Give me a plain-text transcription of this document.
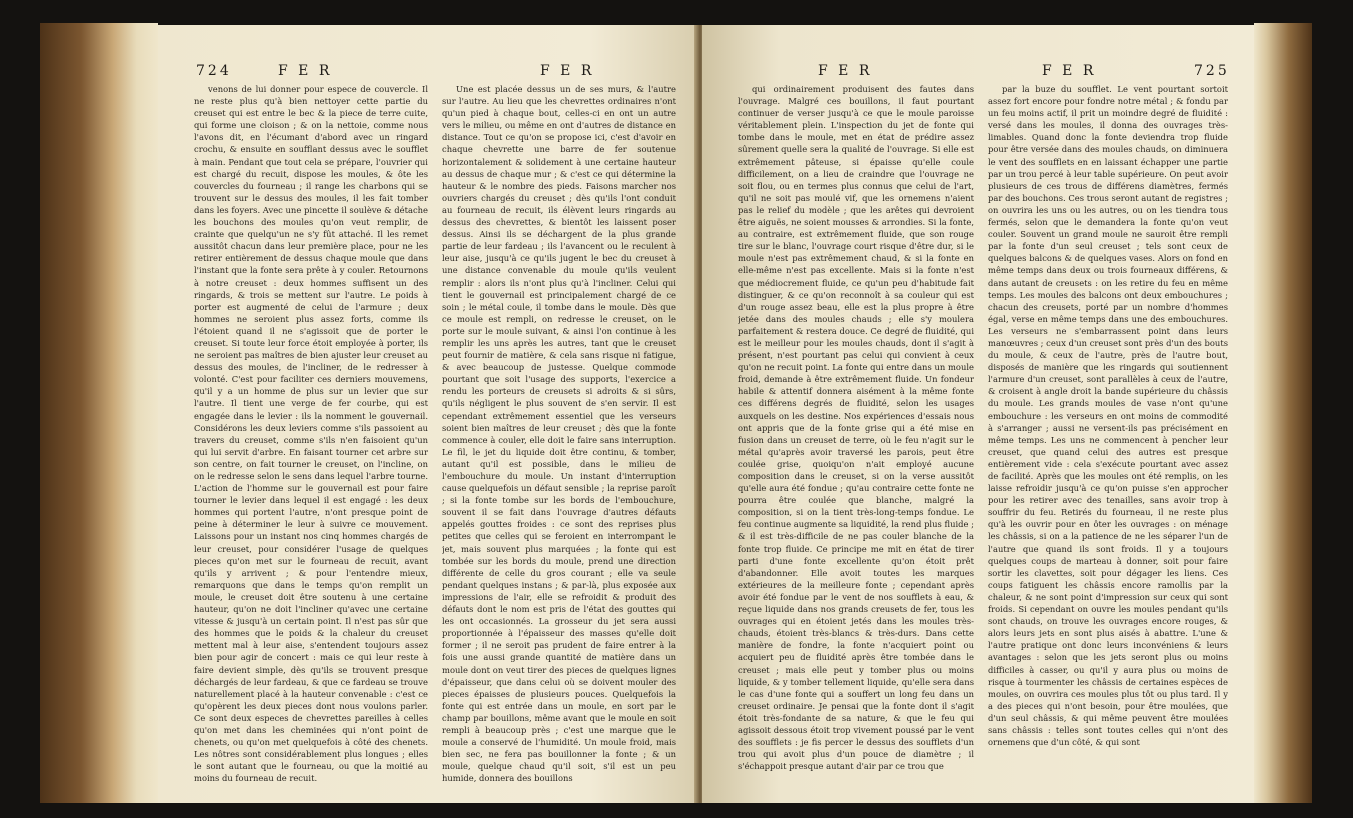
724	F E R	F E R

venons de lui donner pour espece de couvercle. Il ne reste plus qu'à bien nettoyer cette partie du creuset qui est entre le bec & la piece de terre cuite, qui forme une cloison ; & on la nettoie, comme nous l'avons dit, en l'écumant d'abord avec un ringard crochu, & ensuite en soufflant dessus avec le soufflet à main. Pendant que tout cela se prépare, l'ouvrier qui est chargé du recuit, dispose les moules, & ôte les couvercles du fourneau ; il range les charbons qui se trouvent sur le dessus des moules, il les fait tomber dans les foyers. Avec une pincette il soulève & détache les bouchons des moules qu'on veut remplir, de crainte que quelqu'un ne s'y fût attaché. Il les remet aussitôt chacun dans leur première place, pour ne les retirer entièrement de dessus chaque moule que dans l'instant que la fonte sera prête à y couler. Retournons à notre creuset : deux hommes suffisent un des ringards, & trois se mettent sur l'autre. Le poids à porter est augmenté de celui de l'armure ; deux hommes ne seroient plus assez forts, comme ils l'étoient quand il ne s'agissoit que de porter le creuset. Si toute leur force étoit employée à porter, ils ne seroient pas maîtres de bien ajuster leur creuset au dessus des moules, de l'incliner, de le redresser à volonté. C'est pour faciliter ces derniers mouvemens, qu'il y a un homme de plus sur un levier que sur l'autre. Il tient une verge de fer courbe, qui est engagée dans le levier : ils la nomment le gouvernail. Considérons les deux leviers comme s'ils passoient au travers du creuset, comme s'ils n'en faisoient qu'un qui lui servit d'arbre. En faisant tourner cet arbre sur son centre, on fait tourner le creuset, on l'incline, on on le redresse selon le sens dans lequel l'arbre tourne. L'action de l'homme sur le gouvernail est pour faire tourner le levier dans lequel il est engagé : les deux hommes qui portent l'autre, n'ont presque point de peine à déterminer le leur à suivre ce mouvement. Laissons pour un instant nos cinq hommes chargés de leur creuset, pour considérer l'usage de quelques pieces qu'on met sur le fourneau de recuit, avant qu'ils y arrivent ; & pour l'entendre mieux, remarquons que dans le temps qu'on remplit un moule, le creuset doit être soutenu à une certaine hauteur, qu'on ne doit l'incliner qu'avec une certaine vitesse & jusqu'à un certain point. Il n'est pas sûr que des hommes que le poids & la chaleur du creuset mettent mal à leur aise, s'entendent toujours assez bien pour agir de concert : mais ce qui leur reste à faire devient simple, dès qu'ils se trouvent presque déchargés de leur fardeau, & que ce fardeau se trouve naturellement placé à la hauteur convenable : c'est ce qu'opèrent les deux pieces dont nous voulons parler. Ce sont deux especes de chevrettes pareilles à celles qu'on met dans les cheminées qui n'ont point de chenets, ou qu'on met quelquefois à côté des chenets. Les nôtres sont considérablement plus longues ; elles le sont autant que le fourneau, ou que la moitié au moins du fourneau de recuit.

Une est placée dessus un de ses murs, & l'autre sur l'autre. Au lieu que les chevrettes ordinaires n'ont qu'un pied à chaque bout, celles-ci en ont un autre vers le milieu, ou même en ont d'autres de distance en distance. Tout ce qu'on se propose ici, c'est d'avoir en chaque chevrette une barre de fer soutenue horizontalement & solidement à une certaine hauteur au dessus de chaque mur ; & c'est ce qui détermine la hauteur & le nombre des pieds. Faisons marcher nos ouvriers chargés du creuset ; dès qu'ils l'ont conduit au fourneau de recuit, ils élèvent leurs ringards au dessus des chevrettes, & bientôt les laissent poser dessus. Ainsi ils se déchargent de la plus grande partie de leur fardeau ; ils l'avancent ou le reculent à leur aise, jusqu'à ce qu'ils jugent le bec du creuset à une distance convenable du moule qu'ils veulent remplir : alors ils n'ont plus qu'à l'incliner. Celui qui tient le gouvernail est principalement chargé de ce soin ; le métal coule, il tombe dans le moule. Dès que ce moule est rempli, on redresse le creuset, on le porte sur le moule suivant, & ainsi l'on continue à les remplir les uns après les autres, tant que le creuset peut fournir de matière, & cela sans risque ni fatigue, & avec beaucoup de justesse. Quelque commode pourtant que soit l'usage des supports, l'exercice a rendu les porteurs de creusets si adroits & si sûrs, qu'ils négligent le plus souvent de s'en servir. Il est cependant extrêmement essentiel que les verseurs soient bien maîtres de leur creuset ; dès que la fonte commence à couler, elle doit le faire sans interruption. Le fil, le jet du liquide doit être continu, & tomber, autant qu'il est possible, dans le milieu de l'embouchure du moule. Un instant d'interruption cause quelquefois un défaut sensible ; la reprise paroît ; si la fonte tombe sur les bords de l'embouchure, souvent il se fait dans l'ouvrage d'autres défauts appelés gouttes froides : ce sont des reprises plus petites que celles qui se feroient en interrompant le jet, mais souvent plus marquées ; la fonte qui est tombée sur les bords du moule, prend une direction différente de celle du gros courant ; elle va seule pendant quelques instans ; & par-là, plus exposée aux impressions de l'air, elle se refroidit & produit des défauts dont le nom est pris de l'état des gouttes qui les ont occasionnés. La grosseur du jet sera aussi proportionnée à l'épaisseur des masses qu'elle doit former ; il ne seroit pas prudent de faire entrer à la fois une aussi grande quantité de matière dans un moule dont on veut tirer des pieces de quelques lignes d'épaisseur, que dans celui où se doivent mouler des pieces épaisses de plusieurs pouces. Quelquefois la fonte qui est entrée dans un moule, en sort par le champ par bouillons, même avant que le moule en soit rempli à beaucoup près ; c'est une marque que le moule a conservé de l'humidité. Un moule froid, mais bien sec, ne fera pas bouillonner la fonte ; & un moule, quelque chaud qu'il soit, s'il est un peu humide, donnera des bouillons

F E R	F E R	725

qui ordinairement produisent des fautes dans l'ouvrage. Malgré ces bouillons, il faut pourtant continuer de verser jusqu'à ce que le moule paroisse véritablement plein. L'inspection du jet de fonte qui tombe dans le moule, met en état de prédire assez sûrement quelle sera la qualité de l'ouvrage. Si elle est extrêmement pâteuse, si épaisse qu'elle coule difficilement, on a lieu de craindre que l'ouvrage ne soit flou, ou en termes plus connus que celui de l'art, qu'il ne soit pas moulé vif, que les ornemens n'aient pas le relief du modèle ; que les arêtes qui devroient être aiguës, ne soient mousses & arrondies. Si la fonte, au contraire, est extrêmement fluide, que son rouge tire sur le blanc, l'ouvrage court risque d'être dur, si le moule n'est pas extrêmement chaud, & si la fonte en elle-même n'est pas excellente. Mais si la fonte n'est que médiocrement fluide, ce qu'un peu d'habitude fait distinguer, & ce qu'on reconnoît à sa couleur qui est d'un rouge assez beau, elle est la plus propre à être jetée dans des moules chauds ; elle s'y moulera parfaitement & restera douce. Ce degré de fluidité, qui est le meilleur pour les moules chauds, dont il s'agit à présent, n'est pourtant pas celui qui convient à ceux qu'on ne recuit point. La fonte qui entre dans un moule froid, demande à être extrêmement fluide. Un fondeur habile & attentif donnera aisément à la même fonte ces différens degrés de fluidité, selon les usages auxquels on les destine. Nos expériences d'essais nous ont appris que de la fonte grise qui a été mise en fusion dans un creuset de terre, où le feu n'agit sur le métal qu'après avoir traversé les parois, peut être coulée grise, quoiqu'on n'ait employé aucune composition dans le creuset, si on la verse aussitôt qu'elle aura été fondue ; qu'au contraire cette fonte ne pourra être coulée que blanche, malgré la composition, si on la tient très-long-temps fondue. Le feu continue augmente sa liquidité, la rend plus fluide ; & il est très-difficile de ne pas couler blanche de la fonte trop fluide. Ce principe me mit en état de tirer parti d'une fonte excellente qu'on étoit prêt d'abandonner. Elle avoit toutes les marques extérieures de la meilleure fonte ; cependant après avoir été fondue par le vent de nos soufflets à eau, & reçue liquide dans nos grands creusets de fer, tous les ouvrages qui en étoient jetés dans les moules très-chauds, étoient très-blancs & très-durs. Dans cette manière de fondre, la fonte n'acquiert point ou acquiert peu de fluidité après être tombée dans le creuset ; mais elle peut y tomber plus ou moins liquide, & y tomber tellement liquide, qu'elle sera dans le cas d'une fonte qui a souffert un long feu dans un creuset ordinaire. Je pensai que la fonte dont il s'agit étoit très-fondante de sa nature, & que le feu qui agissoit dessous étoit trop vivement poussé par le vent des soufflets : je fis percer le dessus des soufflets d'un trou qui avoit plus d'un pouce de diamètre ; il s'échappoit presque autant d'air par ce trou que

par la buze du soufflet. Le vent pourtant sortoit assez fort encore pour fondre notre métal ; & fondu par un feu moins actif, il prit un moindre degré de fluidité : versé dans les moules, il donna des ouvrages très-limables. Quand donc la fonte deviendra trop fluide pour être versée dans des moules chauds, on diminuera le vent des soufflets en en laissant échapper une partie par un trou percé à leur table supérieure. On peut avoir plusieurs de ces trous de différens diamètres, fermés par des bouchons. Ces trous seront autant de registres ; on ouvrira les uns ou les autres, ou on les tiendra tous fermés, selon que le demandera la fonte qu'on veut couler. Souvent un grand moule ne sauroit être rempli par la fonte d'un seul creuset ; tels sont ceux de quelques balcons & de quelques vases. Alors on fond en même temps dans deux ou trois fourneaux différens, & dans autant de creusets : on les retire du feu en même temps. Les moules des balcons ont deux embouchures ; chacun des creusets, porté par un nombre d'hommes égal, verse en même temps dans une des embouchures. Les verseurs ne s'embarrassent point dans leurs manœuvres ; ceux d'un creuset sont près d'un des bouts du moule, & ceux de l'autre, près de l'autre bout, disposés de manière que les ringards qui soutiennent l'armure d'un creuset, sont parallèles à ceux de l'autre, & croisent à angle droit la bande supérieure du châssis du moule. Les grands moules de vase n'ont qu'une embouchure : les verseurs en ont moins de commodité à s'arranger ; aussi ne versent-ils pas précisément en même temps. Les uns ne commencent à pencher leur creuset, que quand celui des autres est presque entièrement vide : cela s'exécute pourtant avec assez de facilité. Après que les moules ont été remplis, on les laisse refroidir jusqu'à ce qu'on puisse s'en approcher pour les retirer avec des tenailles, sans avoir trop à souffrir du feu. Retirés du fourneau, il ne reste plus qu'à les ouvrir pour en ôter les ouvrages : on ménage les châssis, si on a la patience de ne les séparer l'un de l'autre que quand ils sont froids. Il y a toujours quelques coups de marteau à donner, soit pour faire sortir les clavettes, soit pour dégager les liens. Ces coups fatiguent les châssis encore ramollis par la chaleur, & ne sont point d'impression sur ceux qui sont froids. Si cependant on ouvre les moules pendant qu'ils sont chauds, on trouve les ouvrages encore rouges, & alors leurs jets en sont plus aisés à abattre. L'une & l'autre pratique ont donc leurs inconvéniens & leurs avantages : selon que les jets seront plus ou moins difficiles à casser, ou qu'il y aura plus ou moins de risque à tourmenter les châssis de certaines espèces de moules, on ouvrira ces moules plus tôt ou plus tard. Il y a des pieces qui n'ont besoin, pour être moulées, que d'un seul châssis, & qui même peuvent être moulées sans châssis : telles sont toutes celles qui n'ont des ornemens que d'un côté, & qui sont
